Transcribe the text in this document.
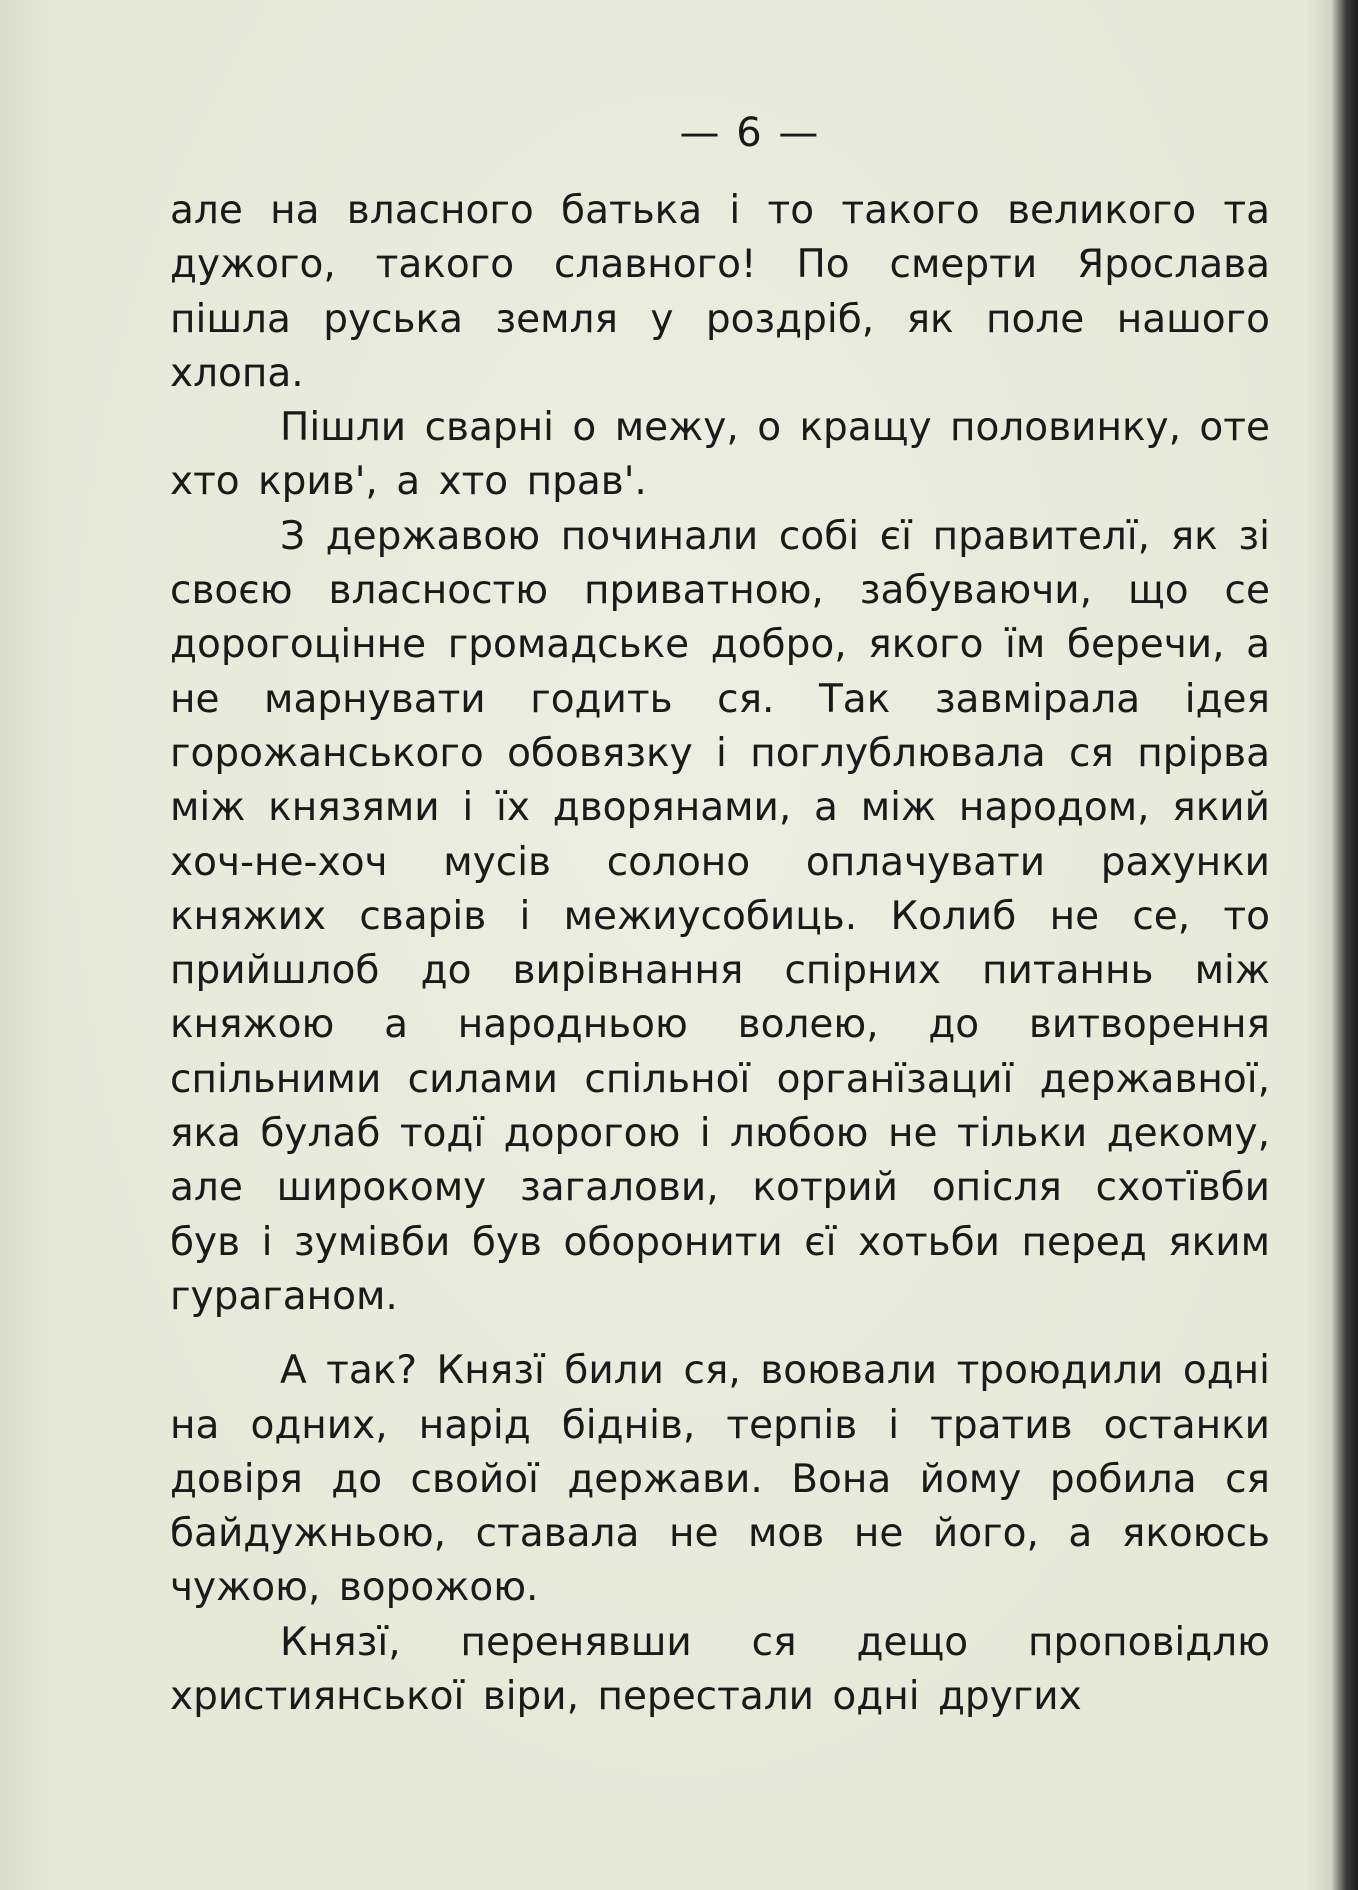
— 6 —

але на власного батька і то такого великого та дужого, такого славного! По смерти Ярослава пішла руська земля у роздріб, як поле нашого хлопа.

Пішли сварні о межу, о кращу половинку, оте хто крив', а хто прав'.

З державою починали собі єї правителї, як зі своєю власностю приватною, забуваючи, що се дорогоцінне громадське добро, якого їм беречи, а не марнувати годить ся. Так завмірала ідея горожанського обовязку і поглублювала ся прірва між князями і їх дворянами, а між народом, який хоч-не-хоч мусів солоно оплачувати рахунки княжих сварів і межиусобиць. Колиб не се, то прийшлоб до вирівнання спірних питаннь між княжою а народньою волею, до витворення спільними силами спільної органїзациї державної, яка булаб тодї дорогою і любою не тільки декому, але широкому загалови, котрий опісля схотївби був і зумівби був оборонити єї хотьби перед яким гураганом.

А так? Князї били ся, воювали троюдили одні на одних, нарід біднів, терпів і тратив останки довіря до свойої держави. Вона йому робила ся байдужньою, ставала не мов не його, а якоюсь чужою, ворожою.

Князї, перенявши ся дещо проповідлю християнської віри, перестали одні других
